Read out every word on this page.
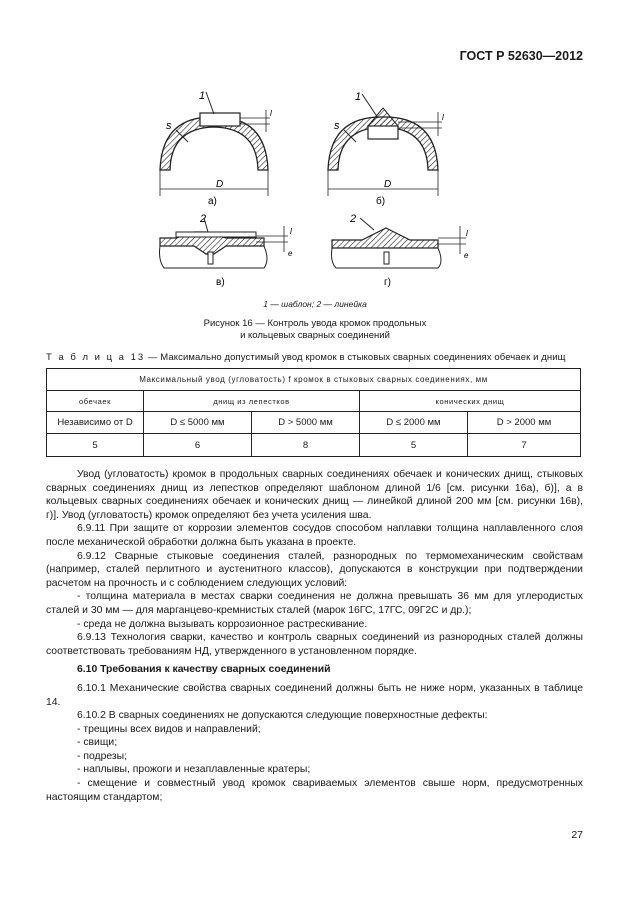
ГОСТ Р 52630—2012
1
s
D
l
а)
1
s
D
l
б)
2
l
e
в)
2
l
e
г)
1 — шаблон; 2 — линейка
Рисунок 16 — Контроль увода кромок продольных
и кольцевых сварных соединений
Т а б л и ц а 13 — Максимально допустимый увод кромок в стыковых сварных соединениях обечаек и днищ
Максимальный увод (угловатость) f кромок в стыковых сварных соединениях, мм				
обечаек	днищ из лепестков		конических днищ	
Независимо от D	D ≤ 5000 мм	D > 5000 мм	D ≤ 2000 мм	D > 2000 мм
5	6	8	5	7

Увод (угловатость) кромок в продольных сварных соединениях обечаек и конических днищ, стыковых сварных соединениях днищ из лепестков определяют шаблоном длиной 1/6 [см. рисунки 16а), б)], а в кольцевых сварных соединениях обечаек и конических днищ — линейкой длиной 200 мм [см. рисунки 16в), г)]. Увод (угловатость) кромок определяют без учета усиления шва.

6.9.11 При защите от коррозии элементов сосудов способом наплавки толщина наплавленного слоя после механической обработки должна быть указана в проекте.

6.9.12 Сварные стыковые соединения сталей, разнородных по термомеханическим свойствам (например, сталей перлитного и аустенитного классов), допускаются в конструкции при подтверждении расчетом на прочность и с соблюдением следующих условий:

- толщина материала в местах сварки соединения не должна превышать 36 мм для углеродистых сталей и 30 мм — для марганцево-кремнистых сталей (марок 16ГС, 17ГС, 09Г2С и др.);

- среда не должна вызывать коррозионное растрескивание.

6.9.13 Технология сварки, качество и контроль сварных соединений из разнородных сталей должны соответствовать требованиям НД, утвержденного в установленном порядке.

6.10 Требования к качеству сварных соединений

6.10.1 Механические свойства сварных соединений должны быть не ниже норм, указанных в таблице 14.

6.10.2 В сварных соединениях не допускаются следующие поверхностные дефекты:

- трещины всех видов и направлений;

- свищи;

- подрезы;

- наплывы, прожоги и незаплавленные кратеры;

- смещение и совместный увод кромок свариваемых элементов свыше норм, предусмотренных настоящим стандартом;

27
